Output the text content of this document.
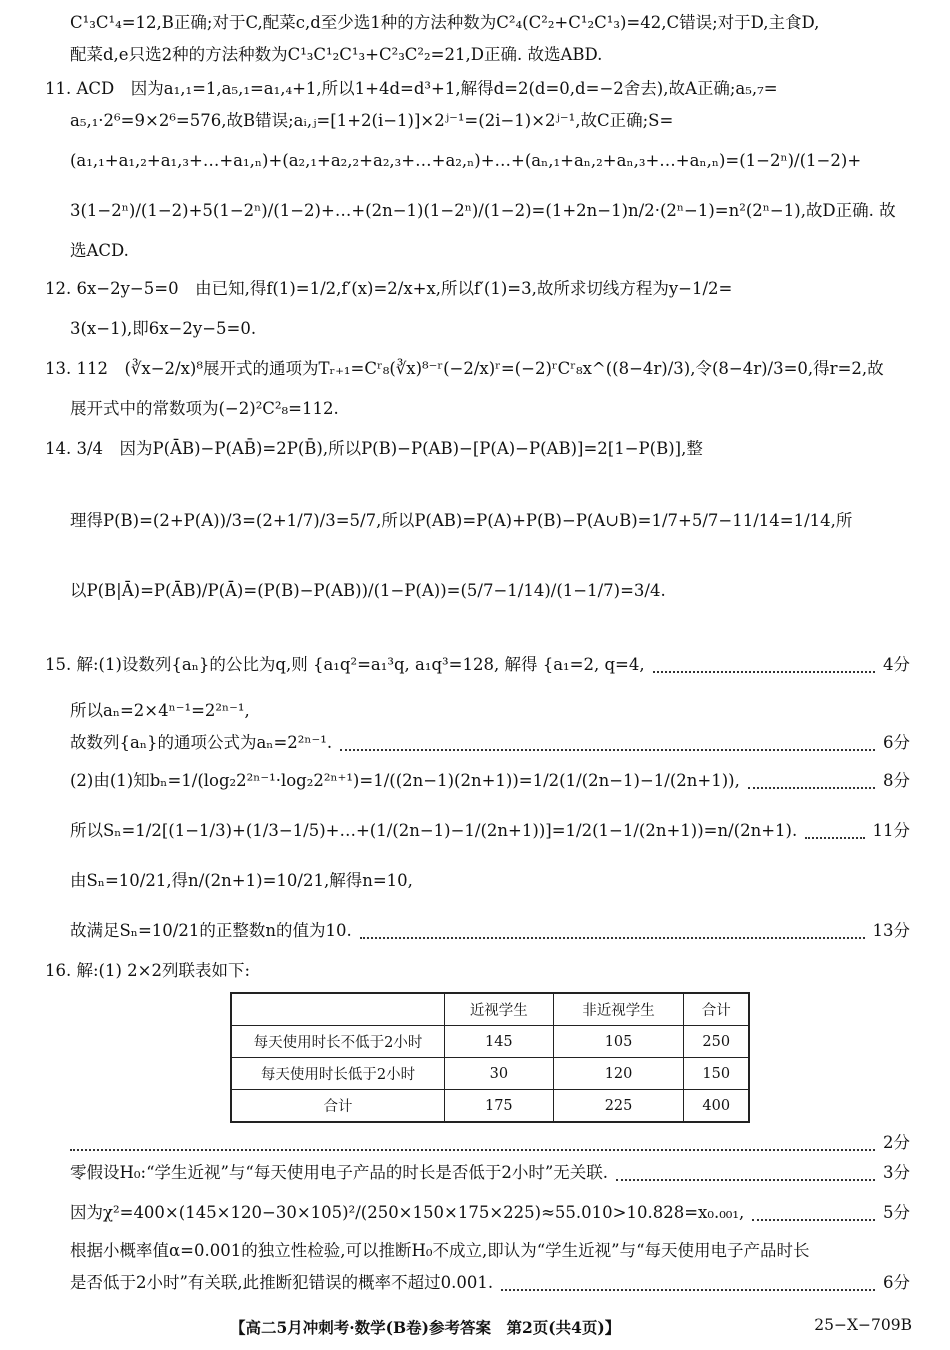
C¹₃C¹₄=12,B正确;对于C,配菜c,d至少选1种的方法种数为C²₄(C²₂+C¹₂C¹₃)=42,C错误;对于D,主食D,
配菜d,e只选2种的方法种数为C¹₃C¹₂C¹₃+C²₃C²₂=21,D正确. 故选ABD.
11. ACD　因为a₁,₁=1,a₅,₁=a₁,₄+1,所以1+4d=d³+1,解得d=2(d=0,d=−2舍去),故A正确;a₅,₇=
a₅,₁·2⁶=9×2⁶=576,故B错误;aᵢ,ⱼ=[1+2(i−1)]×2ʲ⁻¹=(2i−1)×2ʲ⁻¹,故C正确;S=
(a₁,₁+a₁,₂+a₁,₃+…+a₁,ₙ)+(a₂,₁+a₂,₂+a₂,₃+…+a₂,ₙ)+…+(aₙ,₁+aₙ,₂+aₙ,₃+…+aₙ,ₙ)=(1−2ⁿ)/(1−2)+
3(1−2ⁿ)/(1−2)+5(1−2ⁿ)/(1−2)+…+(2n−1)(1−2ⁿ)/(1−2)=(1+2n−1)n/2·(2ⁿ−1)=n²(2ⁿ−1),故D正确. 故
选ACD.
12. 6x−2y−5=0　由已知,得f(1)=1/2,f′(x)=2/x+x,所以f′(1)=3,故所求切线方程为y−1/2=
3(x−1),即6x−2y−5=0.
13. 112　(∛x−2/x)⁸展开式的通项为Tᵣ₊₁=Cʳ₈(∛x)⁸⁻ʳ(−2/x)ʳ=(−2)ʳCʳ₈x^((8−4r)/3),令(8−4r)/3=0,得r=2,故
展开式中的常数项为(−2)²C²₈=112.
14. 3/4　因为P(ĀB)−P(AB̄)=2P(B̄),所以P(B)−P(AB)−[P(A)−P(AB)]=2[1−P(B)],整
理得P(B)=(2+P(A))/3=(2+1/7)/3=5/7,所以P(AB)=P(A)+P(B)−P(A∪B)=1/7+5/7−11/14=1/14,所
以P(B|Ā)=P(ĀB)/P(Ā)=(P(B)−P(AB))/(1−P(A))=(5/7−1/14)/(1−1/7)=3/4.
15. 解:(1)设数列{aₙ}的公比为q,则 {a₁q²=a₁³q, a₁q³=128, 解得 {a₁=2, q=4,	4分
所以aₙ=2×4ⁿ⁻¹=2²ⁿ⁻¹,
故数列{aₙ}的通项公式为aₙ=2²ⁿ⁻¹.	6分
(2)由(1)知bₙ=1/(log₂2²ⁿ⁻¹·log₂2²ⁿ⁺¹)=1/((2n−1)(2n+1))=1/2(1/(2n−1)−1/(2n+1)),	8分
所以Sₙ=1/2[(1−1/3)+(1/3−1/5)+…+(1/(2n−1)−1/(2n+1))]=1/2(1−1/(2n+1))=n/(2n+1).	11分
由Sₙ=10/21,得n/(2n+1)=10/21,解得n=10,
故满足Sₙ=10/21的正整数n的值为10.	13分
16. 解:(1) 2×2列联表如下:
	近视学生	非近视学生	合计
每天使用时长不低于2小时	145	105	250
每天使用时长低于2小时	30	120	150
合计	175	225	400
2分
零假设H₀:“学生近视”与“每天使用电子产品的时长是否低于2小时”无关联.	3分
因为χ²=400×(145×120−30×105)²/(250×150×175×225)≈55.010>10.828=x₀.₀₀₁,	5分
根据小概率值α=0.001的独立性检验,可以推断H₀不成立,即认为“学生近视”与“每天使用电子产品时长
是否低于2小时”有关联,此推断犯错误的概率不超过0.001.	6分
【高二5月冲刺考·数学(B卷)参考答案　第2页(共4页)】	25−X−709B
